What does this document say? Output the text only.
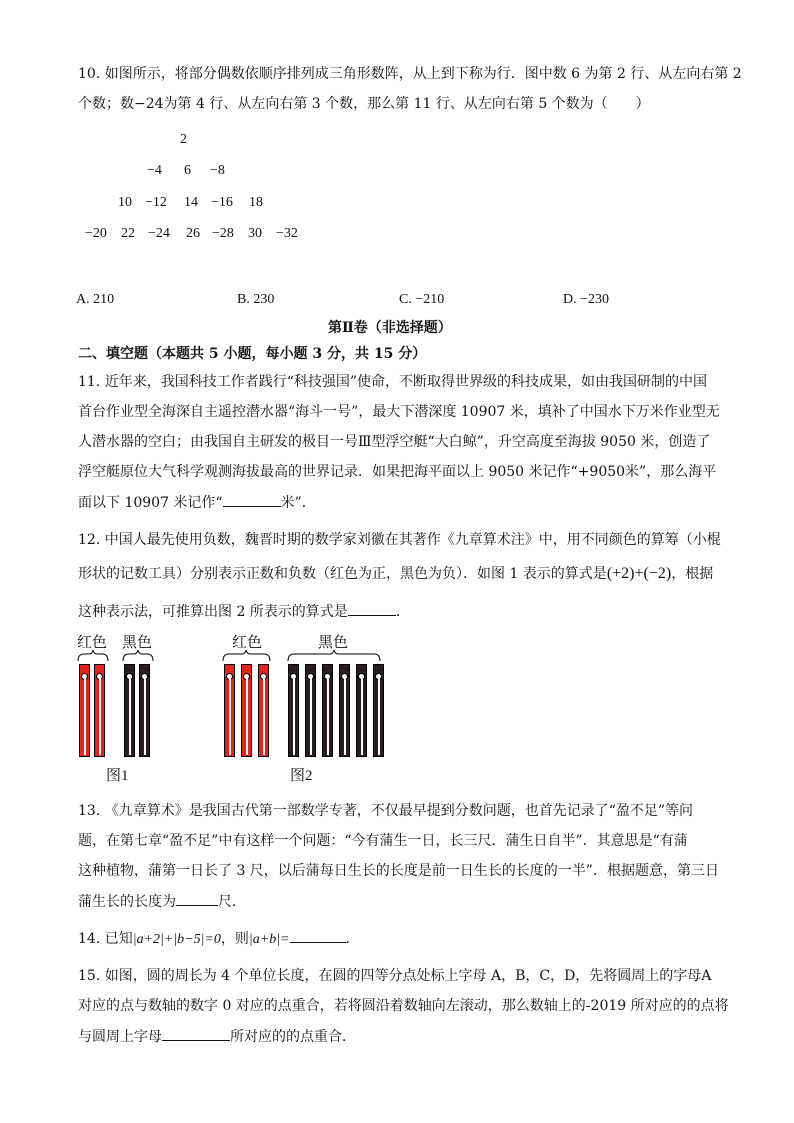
10. 如图所示，将部分偶数依顺序排列成三角形数阵，从上到下称为行．图中数 6 为第 2 行、从左向右第 2
个数；数−24为第 4 行、从左向右第 3 个数，那么第 11 行、从左向右第 5 个数为（　　）
2
−4 6 −8
10 −12 14 −16 18
−20 22 −24 26 −28 30 −32
A. 210	B. 230	C. −210	D. −230
第Ⅱ卷（非选择题）
二、填空题（本题共 5 小题，每小题 3 分，共 15 分）
11. 近年来，我国科技工作者践行“科技强国”使命，不断取得世界级的科技成果，如由我国研制的中国
首台作业型全海深自主遥控潜水器“海斗一号”，最大下潜深度 10907 米，填补了中国水下万米作业型无
人潜水器的空白；由我国自主研发的极目一号Ⅲ型浮空艇“大白鲸”，升空高度至海拔 9050 米，创造了
浮空艇原位大气科学观测海拔最高的世界记录．如果把海平面以上 9050 米记作“+9050米”，那么海平
面以下 10907 米记作“	米”．
12. 中国人最先使用负数，魏晋时期的数学家刘徽在其著作《九章算术注》中，用不同颜色的算筹（小棍
形状的记数工具）分别表示正数和负数（红色为正，黑色为负）．如图 1 表示的算式是(+2)+(−2)，根据
这种表示法，可推算出图 2 所表示的算式是	．
红色 黑色
图1
红色	黑色
图2
13. 《九章算术》是我国古代第一部数学专著，不仅最早提到分数问题，也首先记录了“盈不足”等问
题，在第七章“盈不足”中有这样一个问题：“今有蒲生一日，长三尺．蒲生日自半”．其意思是“有蒲
这种植物，蒲第一日长了 3 尺，以后蒲每日生长的长度是前一日生长的长度的一半”．根据题意，第三日
蒲生长的长度为	尺．
14. 已知|a+2|+|b−5|=0，则|a+b|=	．
15. 如图，圆的周长为 4 个单位长度，在圆的四等分点处标上字母 A，B，C，D，先将圆周上的字母A
对应的点与数轴的数字 0 对应的点重合，若将圆沿着数轴向左滚动，那么数轴上的-2019 所对应的的点将
与圆周上字母	所对应的的点重合．
